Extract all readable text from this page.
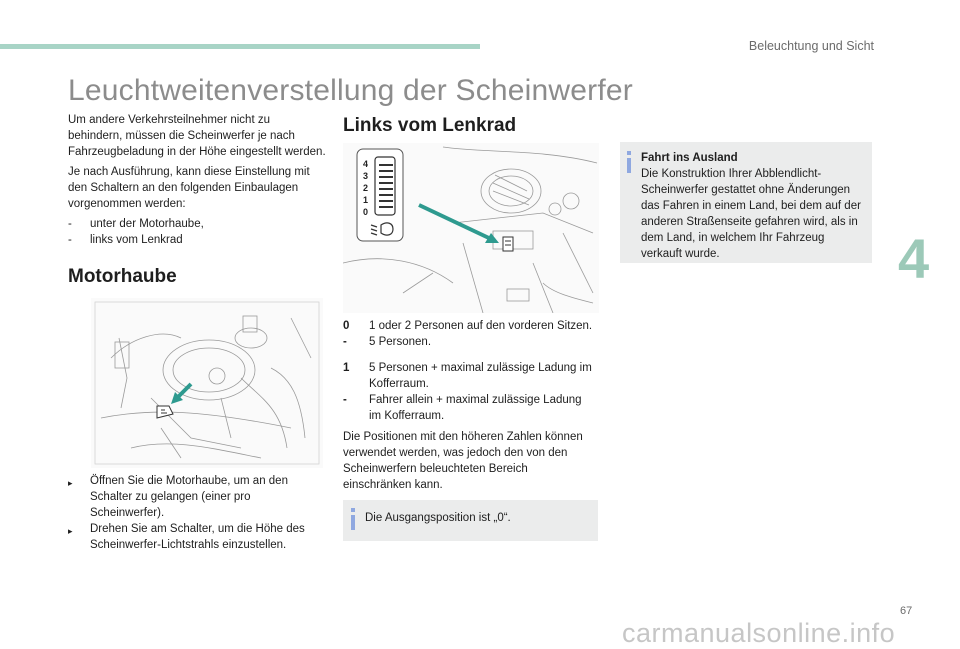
Beleuchtung und Sicht
Leuchtweitenverstellung der Scheinwerfer
Um andere Verkehrsteilnehmer nicht zu behindern, müssen die Scheinwerfer je nach Fahrzeugbeladung in der Höhe eingestellt werden.
Je nach Ausführung, kann diese Einstellung mit den Schaltern an den folgenden Einbaulagen vorgenommen werden:
- unter der Motorhaube,
- links vom Lenkrad
Motorhaube
▸ Öffnen Sie die Motorhaube, um an den Schalter zu gelangen (einer pro Scheinwerfer).
▸ Drehen Sie am Schalter, um die Höhe des Scheinwerfer-Lichtstrahls einzustellen.
Links vom Lenkrad
4
3
2
1
0
0 1 oder 2 Personen auf den vorderen Sitzen.
- 5 Personen.
1 5 Personen + maximal zulässige Ladung im Kofferraum.
- Fahrer allein + maximal zulässige Ladung im Kofferraum.
Die Positionen mit den höheren Zahlen können verwendet werden, was jedoch den von den Scheinwerfern beleuchteten Bereich einschränken kann.
Die Ausgangsposition ist „0“.
Fahrt ins Ausland
Die Konstruktion Ihrer Abblendlicht-Scheinwerfer gestattet ohne Änderungen das Fahren in einem Land, bei dem auf der anderen Straßenseite gefahren wird, als in dem Land, in welchem Ihr Fahrzeug verkauft wurde.	4
67
carmanualsonline.info
